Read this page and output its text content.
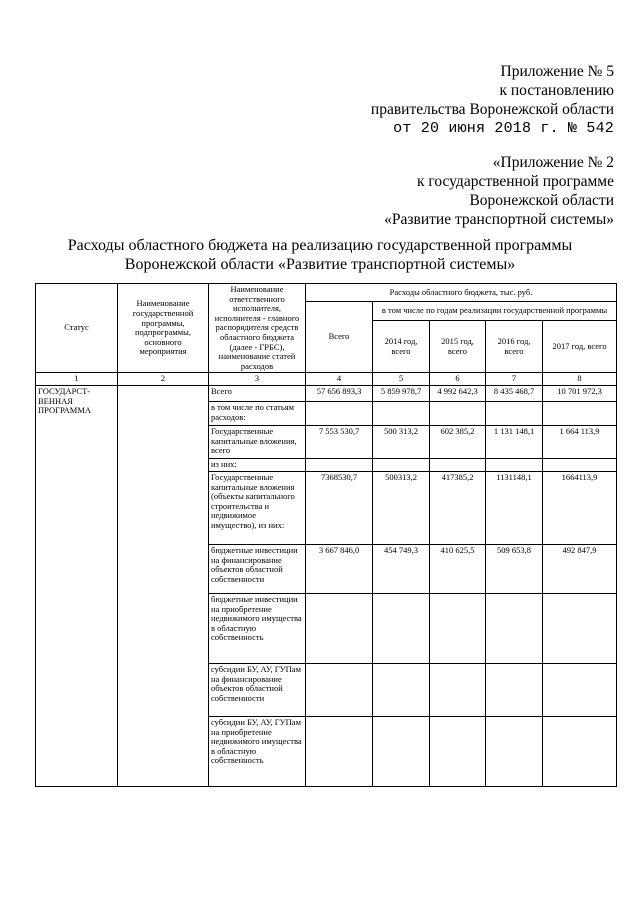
Приложение № 5
к постановлению
правительства Воронежской области
от 20 июня 2018 г. № 542
«Приложение № 2
к государственной программе
Воронежской области
«Развитие транспортной системы»
Расходы областного бюджета на реализацию государственной программы
Воронежской области «Развитие транспортной системы»
Статус	Наименование государственной программы, подпрограммы, основного мероприятия	Наименование ответственного исполнителя, исполнителя - главного распорядителя средств областного бюджета (далее - ГРБС), наименование статей расходов	Расходы областного бюджета, тыс. руб.				
			Всего	в том числе по годам реализации государственной программы			
				2014 год, всего	2015 год, всего	2016 год, всего	2017 год, всего
1	2	3	4	5	6	7	8
ГОСУДАРСТ-ВЕННАЯ ПРОГРАММА		Всего	57 656 893,3	5 859 978,7	4 992 642,3	8 435 468,7	10 701 972,3
		в том числе по статьям расходов:					
		Государственные капитальные вложения, всего	7 553 530,7	500 313,2	602 385,2	1 131 148,1	1 664 113,9
		из них:					
		Государственные капитальные вложения (объекты капитального строительства и недвижимое имущество), из них:	7368530,7	500313,2	417385,2	1131148,1	1664113,9
		бюджетные инвестиции на финансирование объектов областной собственности	3 667 846,0	454 749,3	410 625,5	509 653,8	492 847,9
		бюджетные инвестиции на приобретение недвижимого имущества в областную собственность					
		субсидии БУ, АУ, ГУПам на финансирование объектов областной собственности					
		субсидии БУ, АУ, ГУПам на приобретение недвижимого имущества в областную собственность					
